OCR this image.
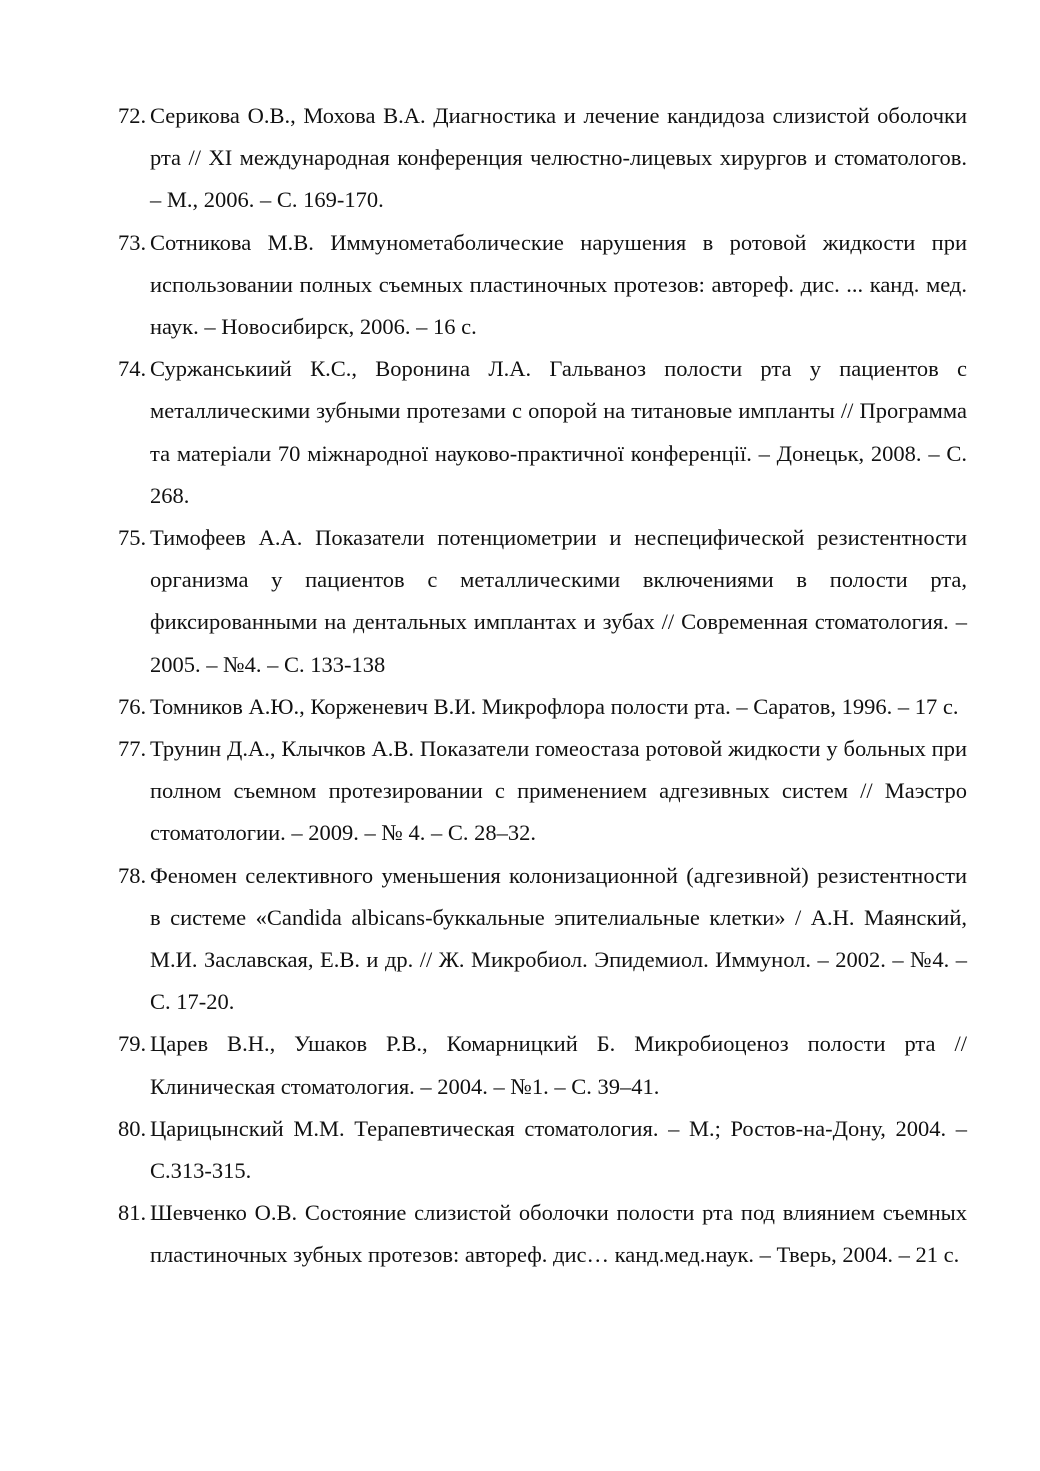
72. Серикова О.В., Мохова В.А. Диагностика и лечение кандидоза слизистой оболочки рта // XI международная конференция челюстно-лицевых хирургов и стоматологов. – М., 2006. – С. 169-170.
73. Сотникова М.В. Иммунометаболические нарушения в ротовой жидкости при использовании полных съемных пластиночных протезов: автореф. дис. ... канд. мед. наук. – Новосибирск, 2006. – 16 с.
74. Суржанськиий К.С., Воронина Л.А. Гальваноз полости рта у пациентов с металлическими зубными протезами с опорой на титановые импланты // Программа та матеріали 70 міжнародної науково-практичної конференції. – Донецьк, 2008. – С. 268.
75. Тимофеев А.А. Показатели потенциометрии и неспецифической резистентности организма у пациентов с металлическими включениями в полости рта, фиксированными на дентальных имплантах и зубах // Современная стоматология. – 2005. – №4. – С. 133-138
76. Томников А.Ю., Корженевич В.И. Микрофлора полости рта. – Саратов, 1996. – 17 с.
77. Трунин Д.А., Клычков А.В. Показатели гомеостаза ротовой жидкости у больных при полном съемном протезировании с применением адгезивных систем // Маэстро стоматологии. – 2009. – № 4. – С. 28–32.
78. Феномен селективного уменьшения колонизационной (адгезивной) резистентности в системе «Candida albicans-буккальные эпителиальные клетки» / А.Н. Маянский, М.И. Заславская, Е.В. и др. // Ж. Микробиол. Эпидемиол. Иммунол. – 2002. – №4. – С. 17-20.
79. Царев В.Н., Ушаков Р.В., Комарницкий Б. Микробиоценоз полости рта // Клиническая стоматология. – 2004. – №1. – С. 39–41.
80. Царицынский М.М. Терапевтическая стоматология. – М.; Ростов-на-Дону, 2004. – С.313-315.
81. Шевченко О.В. Состояние слизистой оболочки полости рта под влиянием съемных пластиночных зубных протезов: автореф. дис… канд.мед.наук. – Тверь, 2004. – 21 с.
